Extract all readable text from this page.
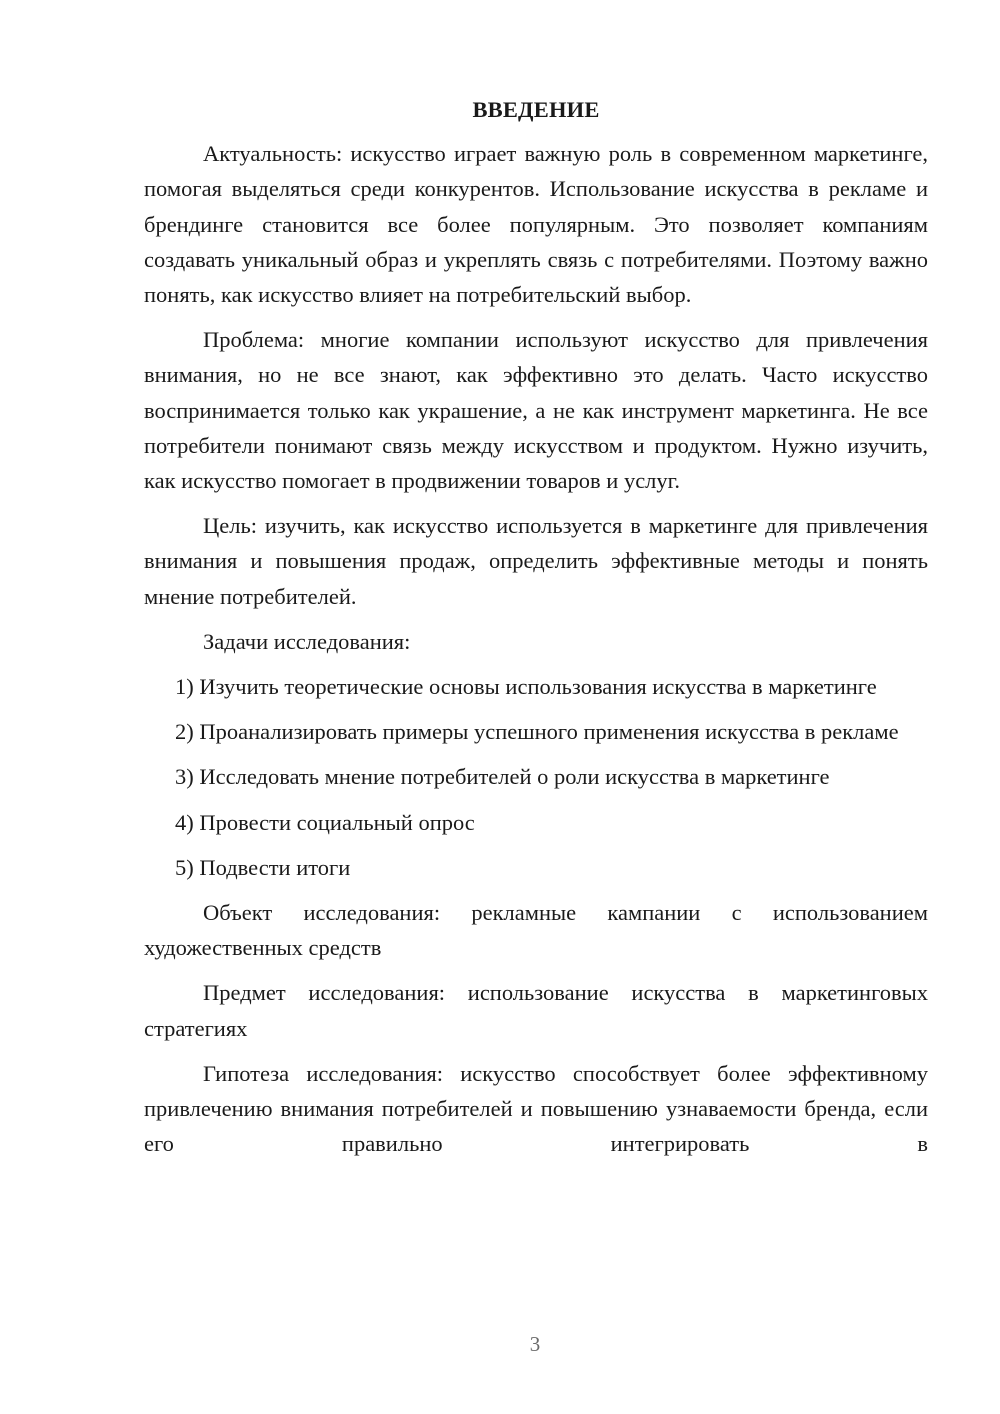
ВВЕДЕНИЕ

Актуальность: искусство играет важную роль в современном маркетинге, помогая выделяться среди конкурентов. Использование искусства в рекламе и брендинге становится все более популярным. Это позволяет компаниям создавать уникальный образ и укреплять связь с потребителями. Поэтому важно понять, как искусство влияет на потребительский выбор.

Проблема: многие компании используют искусство для привлечения внимания, но не все знают, как эффективно это делать. Часто искусство воспринимается только как украшение, а не как инструмент маркетинга. Не все потребители понимают связь между искусством и продуктом. Нужно изучить, как искусство помогает в продвижении товаров и услуг.

Цель: изучить, как искусство используется в маркетинге для привлечения внимания и повышения продаж, определить эффективные методы и понять мнение потребителей.

Задачи исследования:

1) Изучить теоретические основы использования искусства в маркетинге

2) Проанализировать примеры успешного применения искусства в рекламе

3) Исследовать мнение потребителей о роли искусства в маркетинге

4) Провести социальный опрос

5) Подвести итоги

Объект исследования: рекламные кампании с использованием художественных средств

Предмет исследования: использование искусства в маркетинговых стратегиях

Гипотеза исследования: искусство способствует более эффективному привлечению внимания потребителей и повышению узнаваемости бренда, если его правильно интегрировать в

3
